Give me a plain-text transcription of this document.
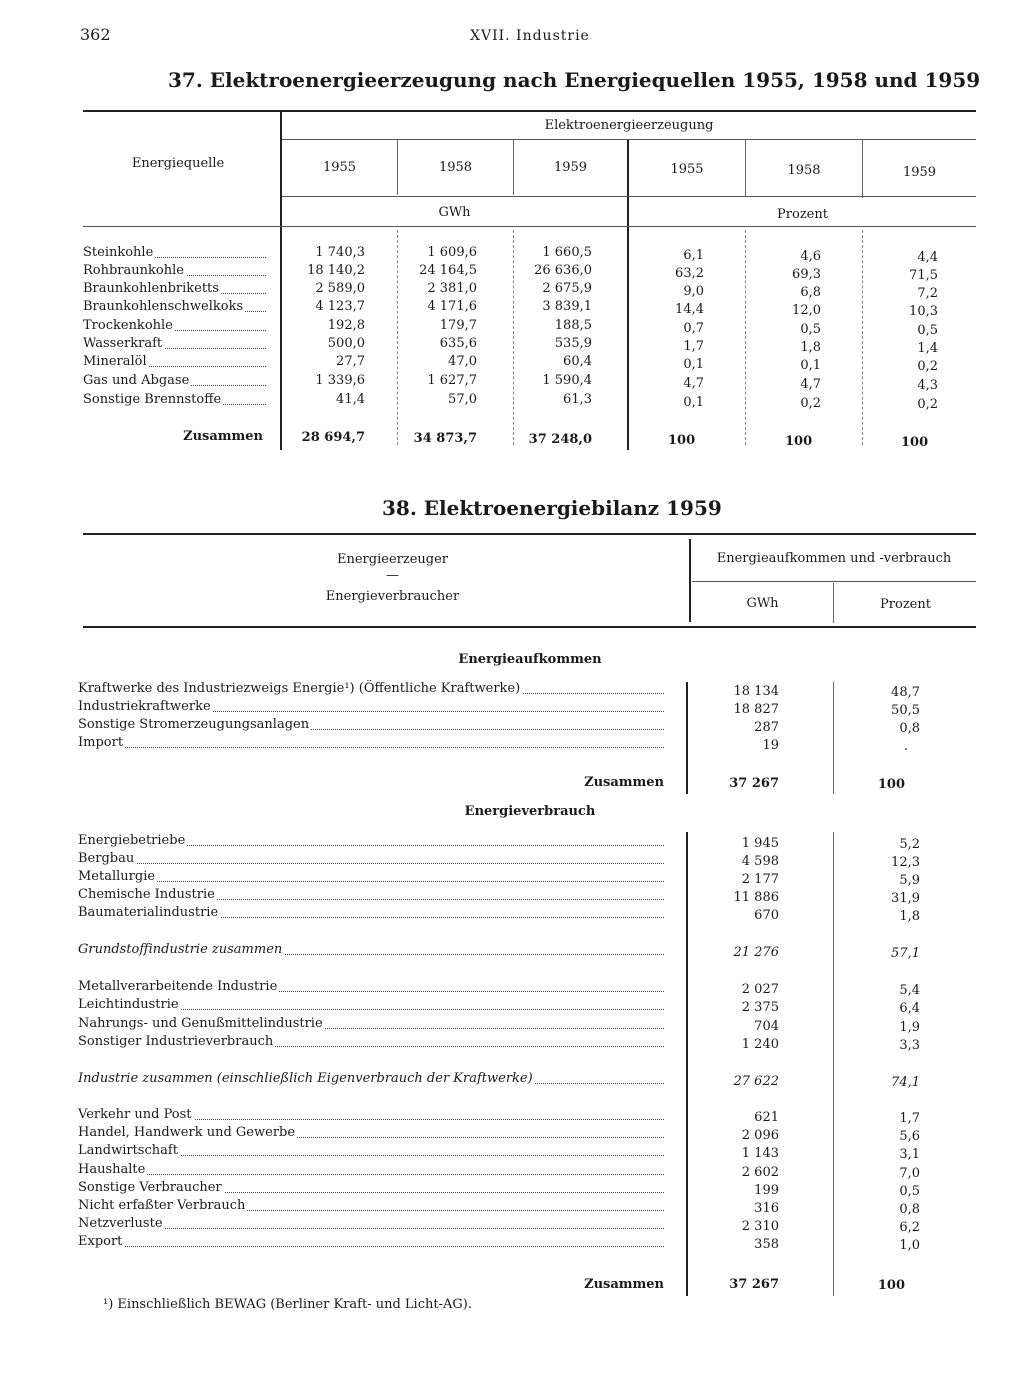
362	XVII. Industrie
37. Elektroenergieerzeugung nach Energiequellen 1955, 1958 und 1959
Elektroenergieerzeugung
Energiequelle	1955	1958	1959	1955	1958	1959
GWh	Prozent
Steinkohle	1 740,3	1 609,6	1 660,5	6,1	4,6	4,4
Rohbraunkohle	18 140,2	24 164,5	26 636,0	63,2	69,3	71,5
Braunkohlenbriketts	2 589,0	2 381,0	2 675,9	9,0	6,8	7,2
Braunkohlenschwelkoks	4 123,7	4 171,6	3 839,1	14,4	12,0	10,3
Trockenkohle	192,8	179,7	188,5	0,7	0,5	0,5
Wasserkraft	500,0	635,6	535,9	1,7	1,8	1,4
Mineralöl	27,7	47,0	60,4	0,1	0,1	0,2
Gas und Abgase	1 339,6	1 627,7	1 590,4	4,7	4,7	4,3
Sonstige Brennstoffe	41,4	57,0	61,3	0,1	0,2	0,2
Zusammen	28 694,7	34 873,7	37 248,0	100	100	100
38. Elektroenergiebilanz 1959
Energieerzeuger
—
Energieverbraucher
Energieaufkommen und -verbrauch
GWh	Prozent
Energieaufkommen
Kraftwerke des Industriezweigs Energie¹) (Öffentliche Kraftwerke)	18 134	48,7
Industriekraftwerke	18 827	50,5
Sonstige Stromerzeugungsanlagen	287	0,8
Import	19	.
Zusammen	37 267	100
Energieverbrauch
Energiebetriebe	1 945	5,2
Bergbau	4 598	12,3
Metallurgie	2 177	5,9
Chemische Industrie	11 886	31,9
Baumaterialindustrie	670	1,8
Grundstoffindustrie zusammen	21 276	57,1
Metallverarbeitende Industrie	2 027	5,4
Leichtindustrie	2 375	6,4
Nahrungs- und Genußmittelindustrie	704	1,9
Sonstiger Industrieverbrauch	1 240	3,3
Industrie zusammen (einschließlich Eigenverbrauch der Kraftwerke)	27 622	74,1
Verkehr und Post	621	1,7
Handel, Handwerk und Gewerbe	2 096	5,6
Landwirtschaft	1 143	3,1
Haushalte	2 602	7,0
Sonstige Verbraucher	199	0,5
Nicht erfaßter Verbrauch	316	0,8
Netzverluste	2 310	6,2
Export	358	1,0
Zusammen	37 267	100
¹) Einschließlich BEWAG (Berliner Kraft- und Licht-AG).
